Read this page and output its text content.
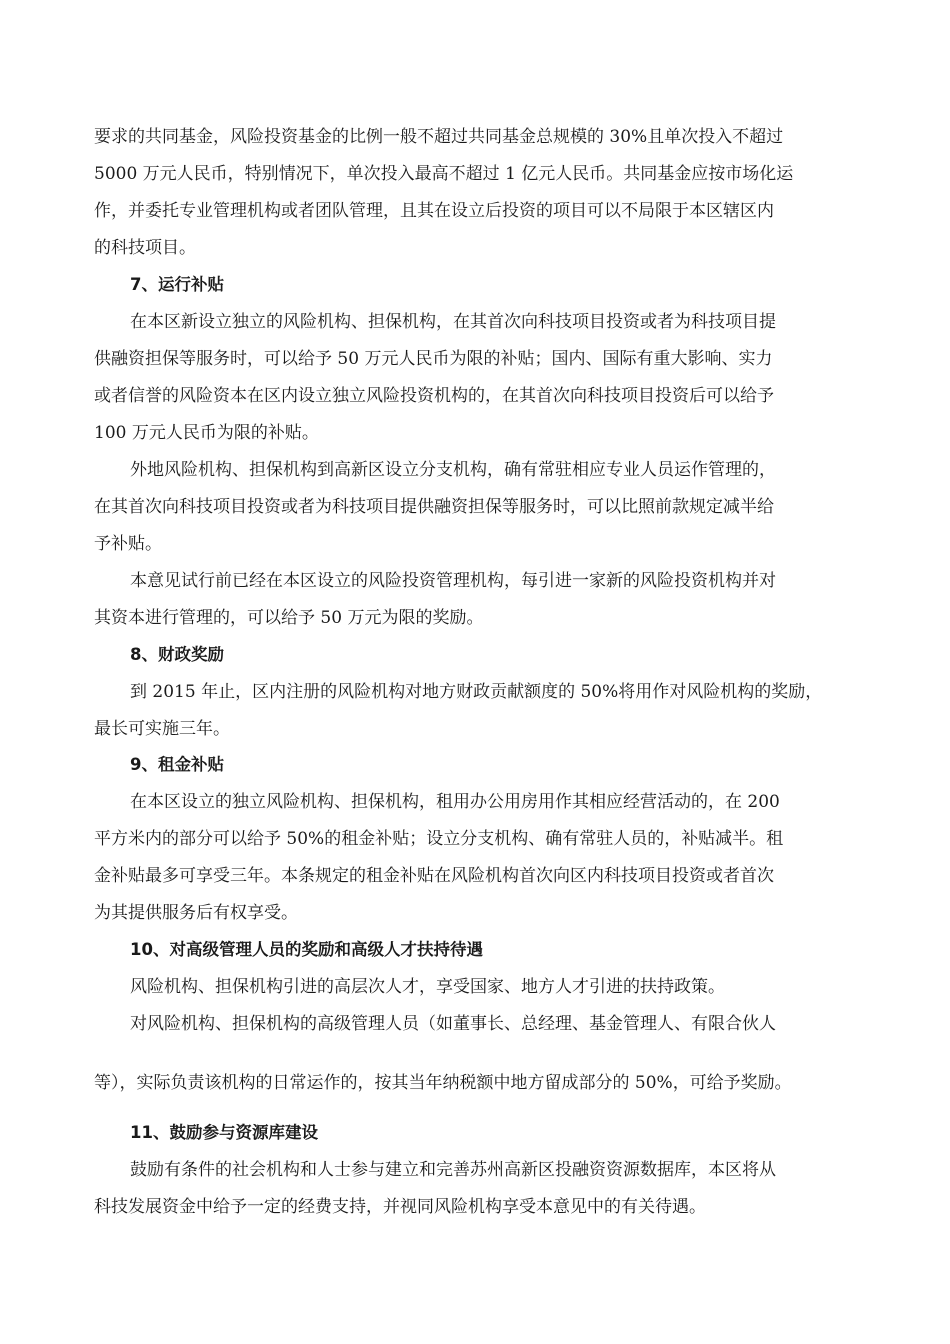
要求的共同基金，风险投资基金的比例一般不超过共同基金总规模的 30%且单次投入不超过
5000 万元人民币，特别情况下，单次投入最高不超过 1 亿元人民币。共同基金应按市场化运
作，并委托专业管理机构或者团队管理，且其在设立后投资的项目可以不局限于本区辖区内
的科技项目。
7、运行补贴
在本区新设立独立的风险机构、担保机构，在其首次向科技项目投资或者为科技项目提
供融资担保等服务时，可以给予 50 万元人民币为限的补贴；国内、国际有重大影响、实力
或者信誉的风险资本在区内设立独立风险投资机构的，在其首次向科技项目投资后可以给予
100 万元人民币为限的补贴。
外地风险机构、担保机构到高新区设立分支机构，确有常驻相应专业人员运作管理的，
在其首次向科技项目投资或者为科技项目提供融资担保等服务时，可以比照前款规定减半给
予补贴。
本意见试行前已经在本区设立的风险投资管理机构，每引进一家新的风险投资机构并对
其资本进行管理的，可以给予 50 万元为限的奖励。
8、财政奖励
到 2015 年止，区内注册的风险机构对地方财政贡献额度的 50%将用作对风险机构的奖励，
最长可实施三年。
9、租金补贴
在本区设立的独立风险机构、担保机构，租用办公用房用作其相应经营活动的，在 200
平方米内的部分可以给予 50%的租金补贴；设立分支机构、确有常驻人员的，补贴减半。租
金补贴最多可享受三年。本条规定的租金补贴在风险机构首次向区内科技项目投资或者首次
为其提供服务后有权享受。
10、对高级管理人员的奖励和高级人才扶持待遇
风险机构、担保机构引进的高层次人才，享受国家、地方人才引进的扶持政策。
对风险机构、担保机构的高级管理人员（如董事长、总经理、基金管理人、有限合伙人
等），实际负责该机构的日常运作的，按其当年纳税额中地方留成部分的 50%，可给予奖励。
11、鼓励参与资源库建设
鼓励有条件的社会机构和人士参与建立和完善苏州高新区投融资资源数据库，本区将从
科技发展资金中给予一定的经费支持，并视同风险机构享受本意见中的有关待遇。
